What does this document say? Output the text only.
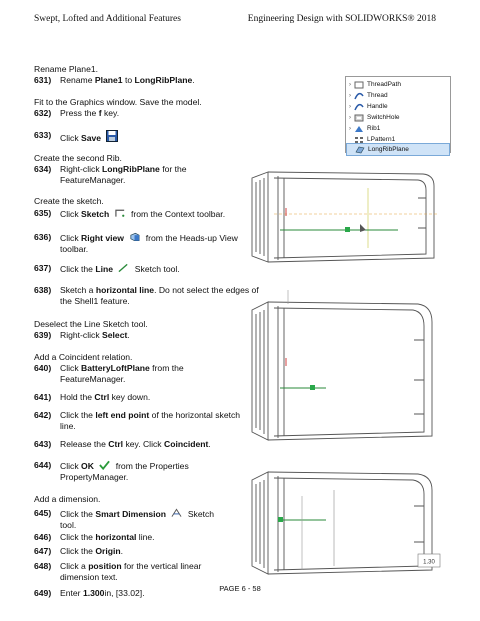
Swept, Lofted and Additional Features	Engineering Design with SOLIDWORKS® 2018
Rename Plane1.
631)	Rename Plane1 to LongRibPlane.
Fit to the Graphics window. Save the model.
632)	Press the f key.
633)	Click Save
Create the second Rib.
634)	Right-click LongRibPlane for the FeatureManager.
Create the sketch.
635)	Click Sketch	from the Context toolbar.
636)	Click Right view	from the Heads-up View toolbar.
637)	Click the Line	Sketch tool.
638)	Sketch a horizontal line. Do not select the edges of the Shell1 feature.
Deselect the Line Sketch tool.
639)	Right-click Select.
Add a Coincident relation.
640)	Click BatteryLoftPlane from the FeatureManager.
641)	Hold the Ctrl key down.
642)	Click the left end point of the horizontal sketch line.
643)	Release the Ctrl key. Click Coincident.
644)	Click OK	from the Properties PropertyManager.
Add a dimension.
645)	Click the Smart Dimension	Sketch tool.
646)	Click the horizontal line.
647)	Click the Origin.
648)	Click a position for the vertical linear dimension text.
649)	Enter 1.300in, [33.02].
›	ThreadPath
›	Thread
›	Handle
›	SwitchHole
›	Rib1
LPattern1
LongRibPlane
1.30
PAGE 6 - 58
